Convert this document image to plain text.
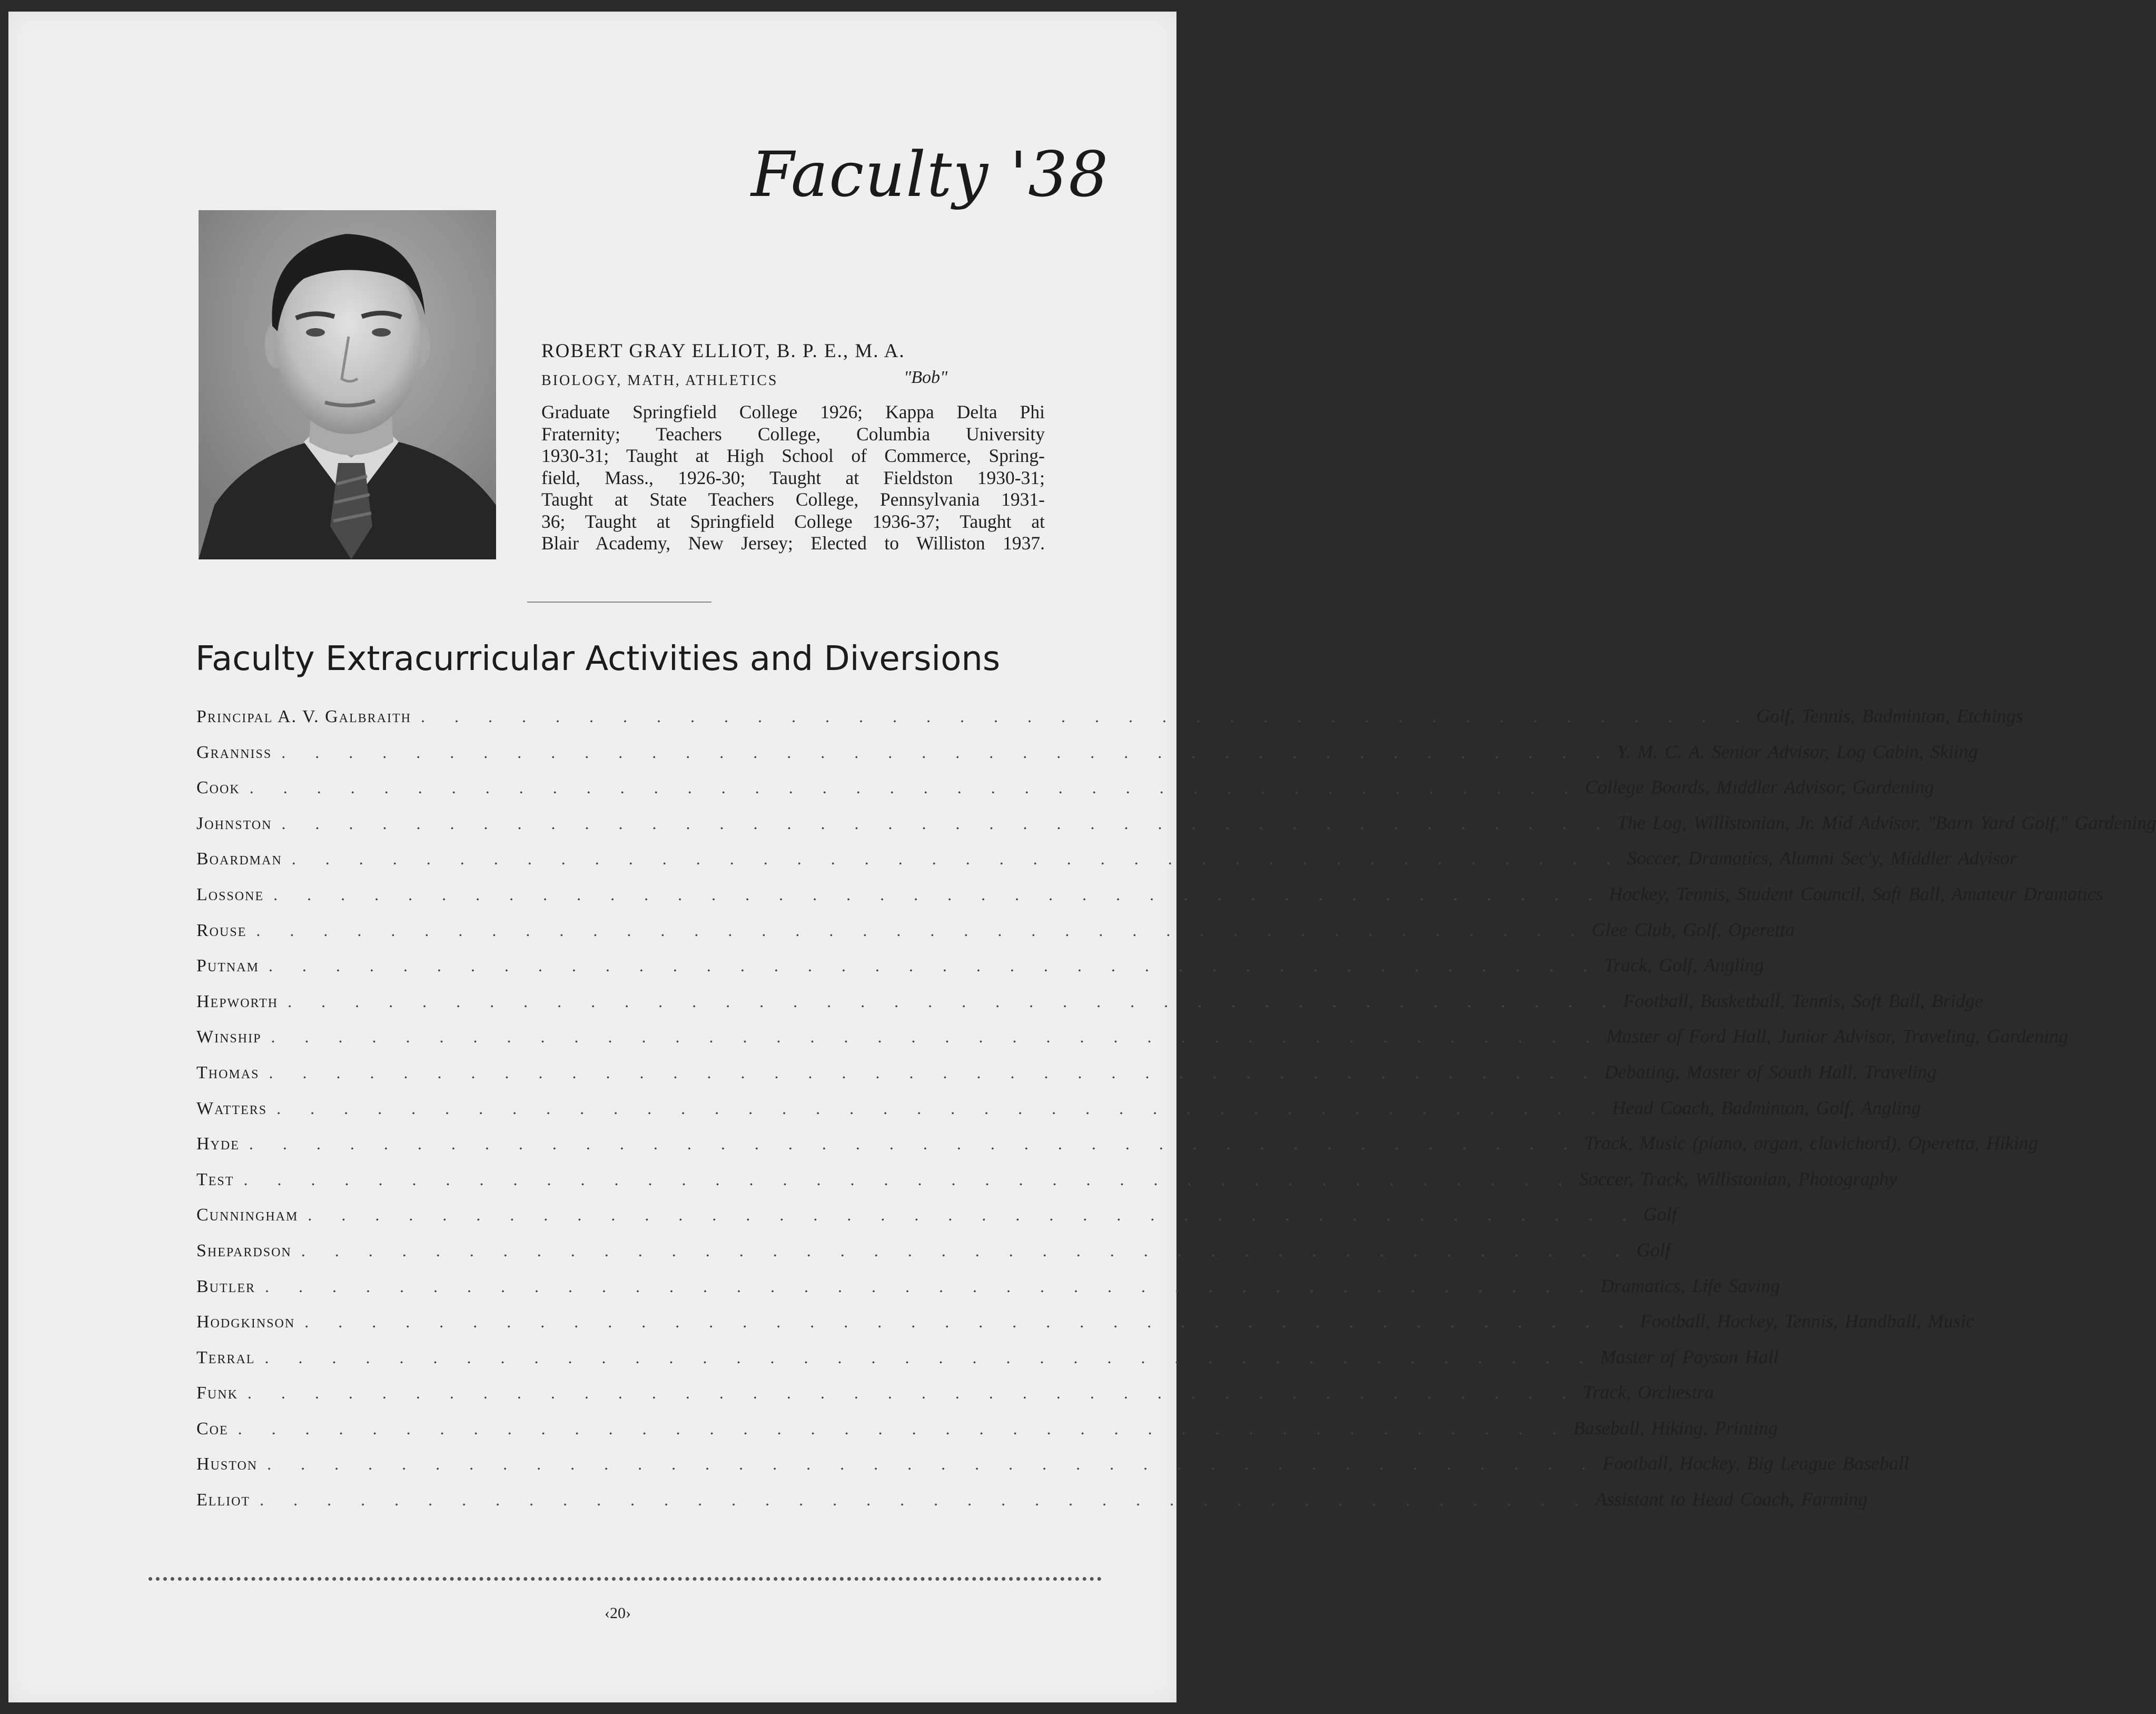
Faculty '38
ROBERT GRAY ELLIOT, B. P. E., M. A.
BIOLOGY, MATH, ATHLETICS	"Bob"
Graduate Springfield College 1926; Kappa Delta Phi
Fraternity; Teachers College, Columbia University
1930-31; Taught at High School of Commerce, Spring-
field, Mass., 1926-30; Taught at Fieldston 1930-31;
Taught at State Teachers College, Pennsylvania 1931-
36; Taught at Springfield College 1936-37; Taught at
Blair Academy, New Jersey; Elected to Williston 1937.
Faculty Extracurricular Activities and Diversions
Principal A. V. Galbraith . . . . . . . . . . . . . . . . . . . . . . . . . . . . . . . . . . . . . . . . Golf, Tennis, Badminton, Etchings
Granniss . . . . . . . . . . . . . . . . . . . . . . . . . . . . . . . . . . . . . . . . Y. M. C. A. Senior Advisor, Log Cabin, Skiing
Cook . . . . . . . . . . . . . . . . . . . . . . . . . . . . . . . . . . . . . . . . College Boards, Middler Advisor, Gardening
Johnston . . . . . . . . . . . . . . . . . . . . . . . . . . . . . . . . . . . . . . . . The Log, Willistonian, Jr. Mid Advisor, "Barn Yard Golf," Gardening
Boardman . . . . . . . . . . . . . . . . . . . . . . . . . . . . . . . . . . . . . . . . Soccer, Dramatics, Alumni Sec'y, Middler Advisor
Lossone . . . . . . . . . . . . . . . . . . . . . . . . . . . . . . . . . . . . . . . . Hockey, Tennis, Student Council, Soft Ball, Amateur Dramatics
Rouse . . . . . . . . . . . . . . . . . . . . . . . . . . . . . . . . . . . . . . . . Glee Club, Golf, Operetta
Putnam . . . . . . . . . . . . . . . . . . . . . . . . . . . . . . . . . . . . . . . . Track, Golf, Angling
Hepworth . . . . . . . . . . . . . . . . . . . . . . . . . . . . . . . . . . . . . . . . Football, Basketball, Tennis, Soft Ball, Bridge
Winship . . . . . . . . . . . . . . . . . . . . . . . . . . . . . . . . . . . . . . . . Master of Ford Hall, Junior Advisor, Traveling, Gardening
Thomas . . . . . . . . . . . . . . . . . . . . . . . . . . . . . . . . . . . . . . . . Debating, Master of South Hall, Traveling
Watters . . . . . . . . . . . . . . . . . . . . . . . . . . . . . . . . . . . . . . . . Head Coach, Badminton, Golf, Angling
Hyde . . . . . . . . . . . . . . . . . . . . . . . . . . . . . . . . . . . . . . . . Track, Music (piano, organ, clavichord), Operetta, Hiking
Test . . . . . . . . . . . . . . . . . . . . . . . . . . . . . . . . . . . . . . . . Soccer, Track, Willistonian, Photography
Cunningham . . . . . . . . . . . . . . . . . . . . . . . . . . . . . . . . . . . . . . . . Golf
Shepardson . . . . . . . . . . . . . . . . . . . . . . . . . . . . . . . . . . . . . . . . Golf
Butler . . . . . . . . . . . . . . . . . . . . . . . . . . . . . . . . . . . . . . . . Dramatics, Life Saving
Hodgkinson . . . . . . . . . . . . . . . . . . . . . . . . . . . . . . . . . . . . . . . . Football, Hockey, Tennis, Handball, Music
Terral . . . . . . . . . . . . . . . . . . . . . . . . . . . . . . . . . . . . . . . . Master of Payson Hall
Funk . . . . . . . . . . . . . . . . . . . . . . . . . . . . . . . . . . . . . . . . Track, Orchestra
Coe . . . . . . . . . . . . . . . . . . . . . . . . . . . . . . . . . . . . . . . . Baseball, Hiking, Printing
Huston . . . . . . . . . . . . . . . . . . . . . . . . . . . . . . . . . . . . . . . . Football, Hockey, Big League Baseball
Elliot . . . . . . . . . . . . . . . . . . . . . . . . . . . . . . . . . . . . . . . . Assistant to Head Coach, Farming
‹20›
